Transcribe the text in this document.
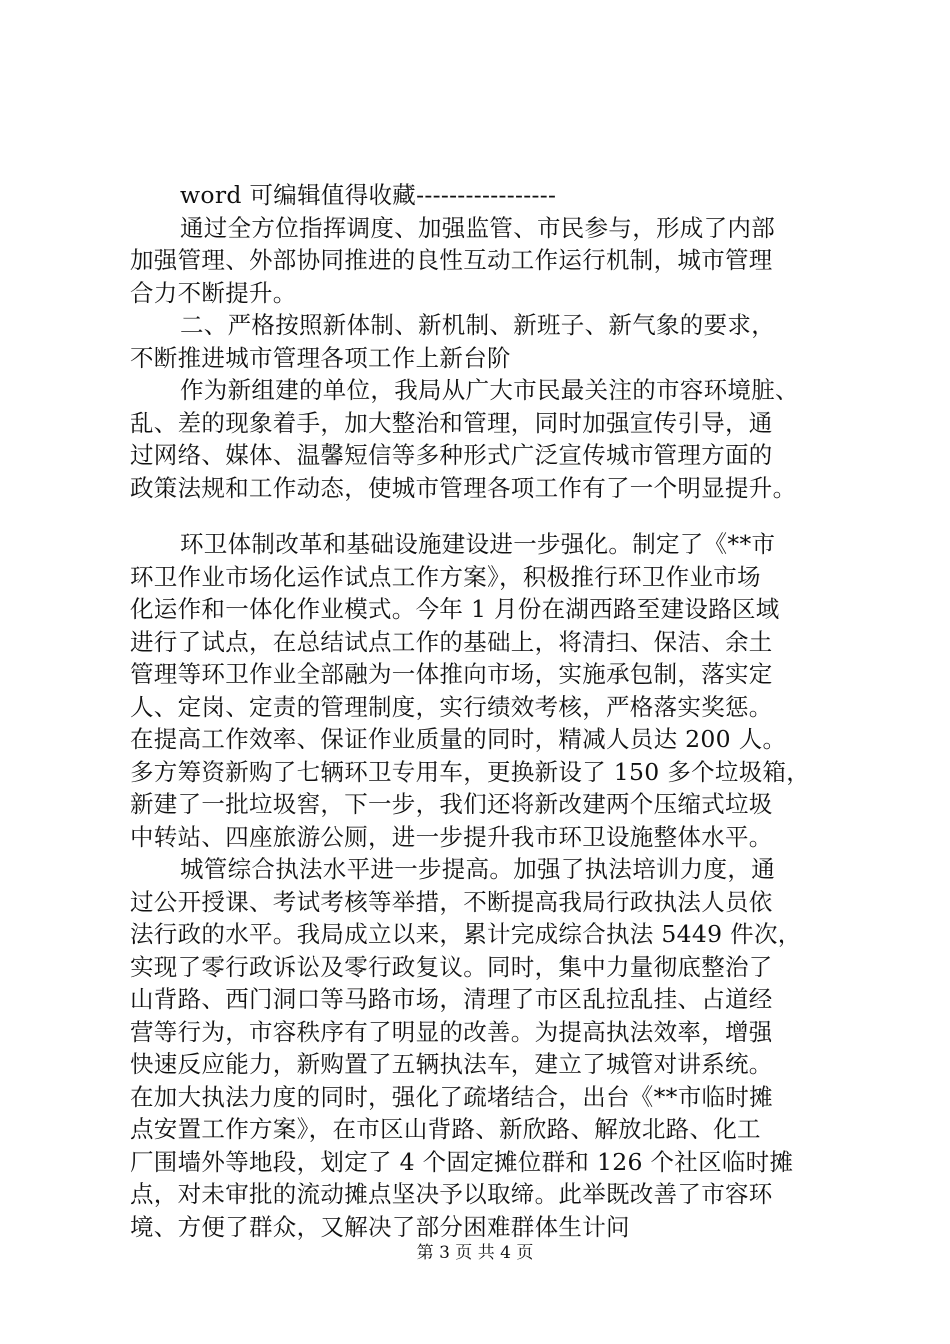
word 可编辑值得收藏-----------------
通过全方位指挥调度、加强监管、市民参与，形成了内部
加强管理、外部协同推进的良性互动工作运行机制，城市管理
合力不断提升。
二、严格按照新体制、新机制、新班子、新气象的要求，
不断推进城市管理各项工作上新台阶
作为新组建的单位，我局从广大市民最关注的市容环境脏、
乱、差的现象着手，加大整治和管理，同时加强宣传引导，通
过网络、媒体、温馨短信等多种形式广泛宣传城市管理方面的
政策法规和工作动态，使城市管理各项工作有了一个明显提升。
环卫体制改革和基础设施建设进一步强化。制定了《**市
环卫作业市场化运作试点工作方案》，积极推行环卫作业市场
化运作和一体化作业模式。今年 1 月份在湖西路至建设路区域
进行了试点，在总结试点工作的基础上，将清扫、保洁、余土
管理等环卫作业全部融为一体推向市场，实施承包制，落实定
人、定岗、定责的管理制度，实行绩效考核，严格落实奖惩。
在提高工作效率、保证作业质量的同时，精减人员达 200 人。
多方筹资新购了七辆环卫专用车，更换新设了 150 多个垃圾箱，
新建了一批垃圾窖，下一步，我们还将新改建两个压缩式垃圾
中转站、四座旅游公厕，进一步提升我市环卫设施整体水平。
城管综合执法水平进一步提高。加强了执法培训力度，通
过公开授课、考试考核等举措，不断提高我局行政执法人员依
法行政的水平。我局成立以来，累计完成综合执法 5449 件次，
实现了零行政诉讼及零行政复议。同时，集中力量彻底整治了
山背路、西门洞口等马路市场，清理了市区乱拉乱挂、占道经
营等行为，市容秩序有了明显的改善。为提高执法效率，增强
快速反应能力，新购置了五辆执法车，建立了城管对讲系统。
在加大执法力度的同时，强化了疏堵结合，出台《**市临时摊
点安置工作方案》，在市区山背路、新欣路、解放北路、化工
厂围墙外等地段，划定了 4 个固定摊位群和 126 个社区临时摊
点，对未审批的流动摊点坚决予以取缔。此举既改善了市容环
境、方便了群众，又解决了部分困难群体生计问
第 3 页 共 4 页
